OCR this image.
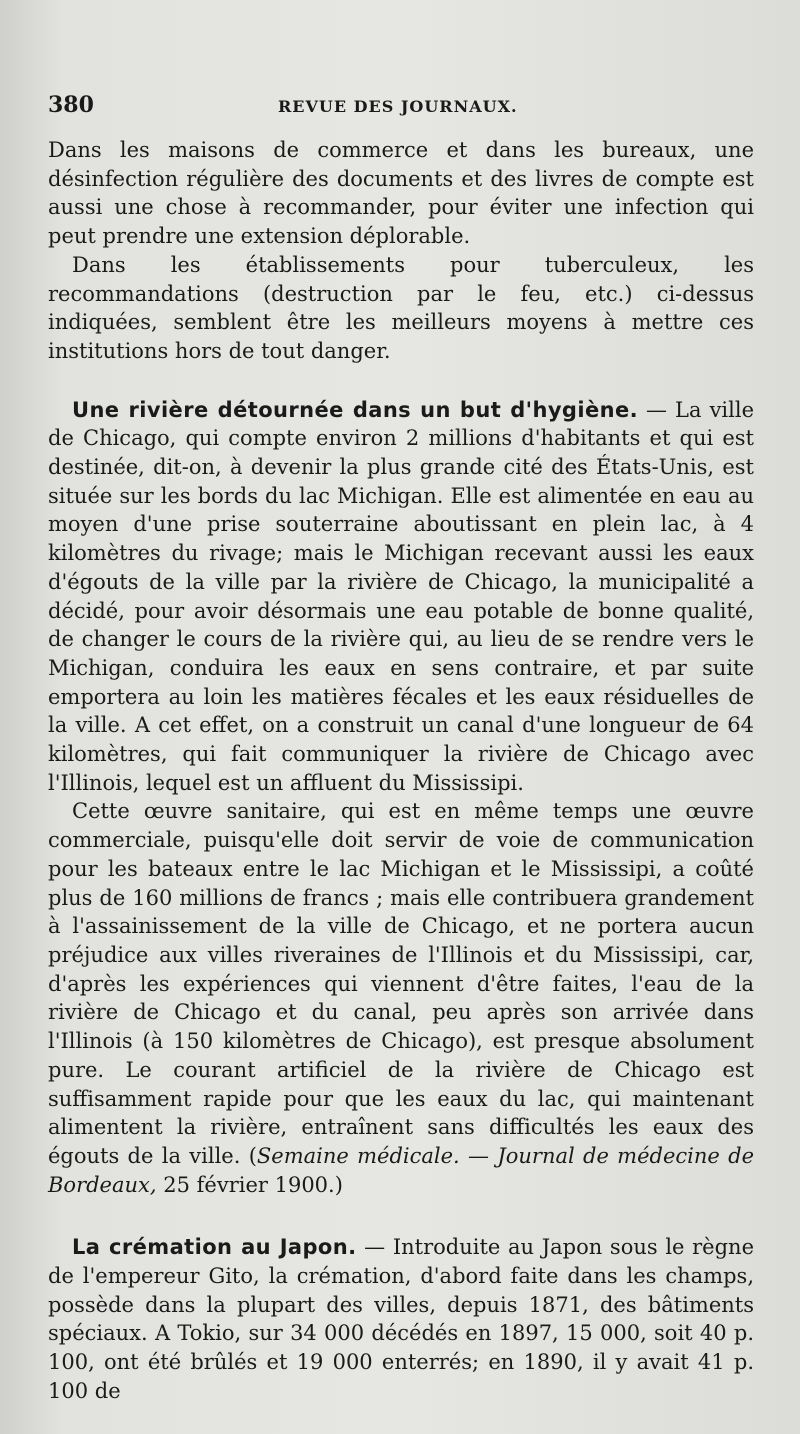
380	REVUE DES JOURNAUX.

Dans les maisons de commerce et dans les bureaux, une désinfection régulière des documents et des livres de compte est aussi une chose à recommander, pour éviter une infection qui peut prendre une extension déplorable.

Dans les établissements pour tuberculeux, les recommandations (destruction par le feu, etc.) ci-dessus indiquées, semblent être les meilleurs moyens à mettre ces institutions hors de tout danger.

Une rivière détournée dans un but d'hygiène. — La ville de Chicago, qui compte environ 2 millions d'habitants et qui est destinée, dit-on, à devenir la plus grande cité des États-Unis, est située sur les bords du lac Michigan. Elle est alimentée en eau au moyen d'une prise souterraine aboutissant en plein lac, à 4 kilomètres du rivage; mais le Michigan recevant aussi les eaux d'égouts de la ville par la rivière de Chicago, la municipalité a décidé, pour avoir désormais une eau potable de bonne qualité, de changer le cours de la rivière qui, au lieu de se rendre vers le Michigan, conduira les eaux en sens contraire, et par suite emportera au loin les matières fécales et les eaux résiduelles de la ville. A cet effet, on a construit un canal d'une longueur de 64 kilomètres, qui fait communiquer la rivière de Chicago avec l'Illinois, lequel est un affluent du Mississipi.

Cette œuvre sanitaire, qui est en même temps une œuvre commerciale, puisqu'elle doit servir de voie de communication pour les bateaux entre le lac Michigan et le Mississipi, a coûté plus de 160 millions de francs ; mais elle contribuera grandement à l'assainissement de la ville de Chicago, et ne portera aucun préjudice aux villes riveraines de l'Illinois et du Mississipi, car, d'après les expériences qui viennent d'être faites, l'eau de la rivière de Chicago et du canal, peu après son arrivée dans l'Illinois (à 150 kilomètres de Chicago), est presque absolument pure. Le courant artificiel de la rivière de Chicago est suffisamment rapide pour que les eaux du lac, qui maintenant alimentent la rivière, entraînent sans difficultés les eaux des égouts de la ville. (Semaine médicale. — Journal de médecine de Bordeaux, 25 février 1900.)

La crémation au Japon. — Introduite au Japon sous le règne de l'empereur Gito, la crémation, d'abord faite dans les champs, possède dans la plupart des villes, depuis 1871, des bâtiments spéciaux. A Tokio, sur 34 000 décédés en 1897, 15 000, soit 40 p. 100, ont été brûlés et 19 000 enterrés; en 1890, il y avait 41 p. 100 de
